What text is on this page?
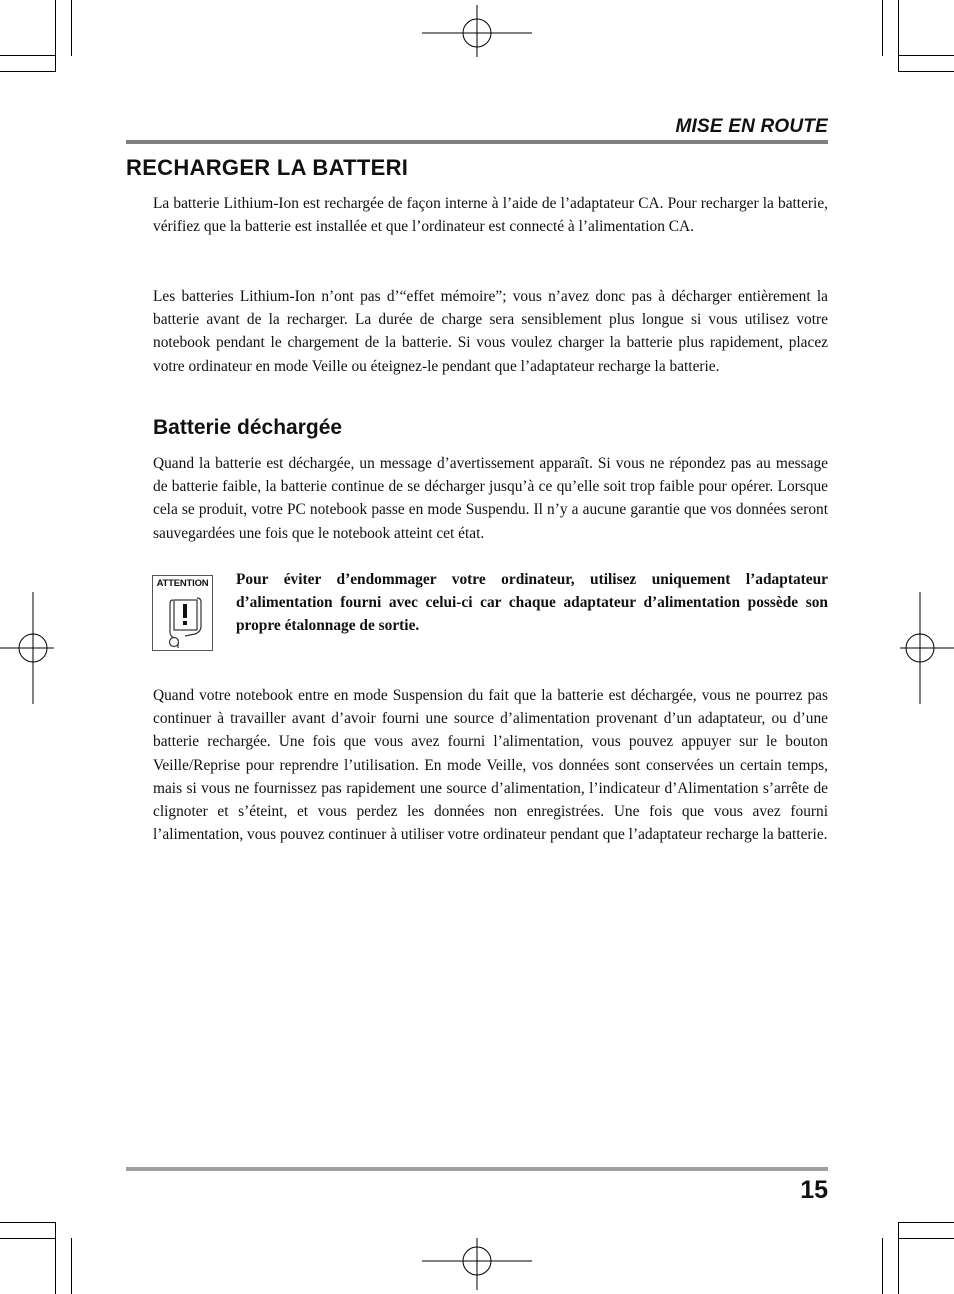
MISE EN ROUTE
RECHARGER LA BATTERI

La batterie Lithium-Ion est rechargée de façon interne à l’aide de l’adaptateur CA. Pour recharger la batterie, vérifiez que la batterie est installée et que l’ordinateur est connecté à l’alimentation CA.

Les batteries Lithium-Ion n’ont pas d’“effet mémoire”; vous n’avez donc pas à décharger entièrement la batterie avant de la recharger. La durée de charge sera sensiblement plus longue si vous utilisez votre notebook pendant le chargement de la batterie. Si vous voulez charger la batterie plus rapidement, placez votre ordinateur en mode Veille ou éteignez-le pendant que l’adaptateur recharge la batterie.

Batterie déchargée

Quand la batterie est déchargée, un message d’avertissement apparaît. Si vous ne répondez pas au message de batterie faible, la batterie continue de se décharger jusqu’à ce qu’elle soit trop faible pour opérer. Lorsque cela se produit, votre PC notebook passe en mode Suspendu. Il n’y a aucune garantie que vos données seront sauvegardées une fois que le notebook atteint cet état.

ATTENTION Pour éviter d’endommager votre ordinateur, utilisez uniquement l’adaptateur d’alimentation fourni avec celui-ci car chaque adaptateur d’alimentation possède son propre étalonnage de sortie.

Quand votre notebook entre en mode Suspension du fait que la batterie est déchargée, vous ne pourrez pas continuer à travailler avant d’avoir fourni une source d’alimentation provenant d’un adaptateur, ou d’une batterie rechargée. Une fois que vous avez fourni l’alimentation, vous pouvez appuyer sur le bouton Veille/Reprise pour reprendre l’utilisation. En mode Veille, vos données sont conservées un certain temps, mais si vous ne fournissez pas rapidement une source d’alimentation, l’indicateur d’Alimentation s’arrête de clignoter et s’éteint, et vous perdez les données non enregistrées. Une fois que vous avez fourni l’alimentation, vous pouvez continuer à utiliser votre ordinateur pendant que l’adaptateur recharge la batterie.

15
